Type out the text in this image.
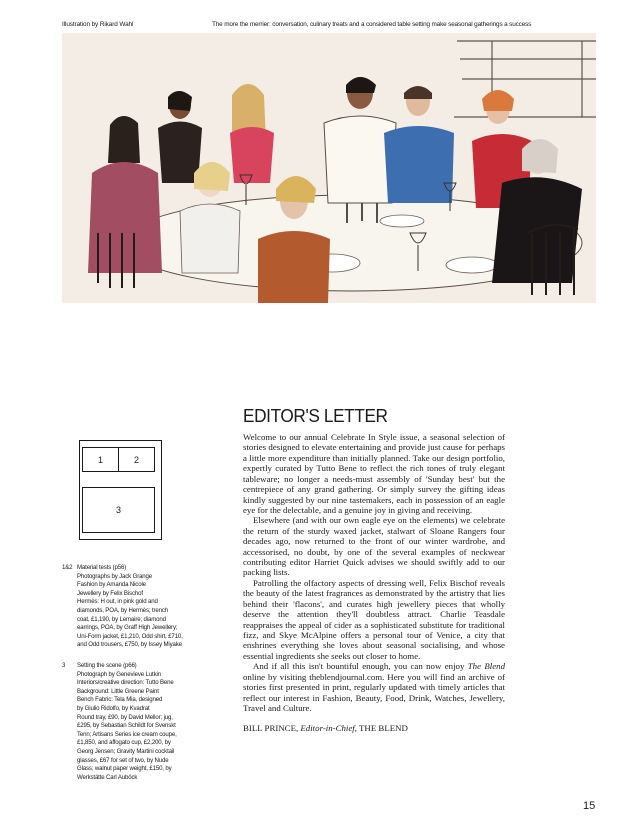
Illustration by Rikard Wahl	The more the merrier: conversation, culinary treats and a considered table setting make seasonal gatherings a success
EDITOR'S LETTER

Welcome to our annual Celebrate In Style issue, a seasonal selection of stories designed to elevate entertaining and provide just cause for perhaps a little more expenditure than initially planned. Take our design portfolio, expertly curated by Tutto Bene to reflect the rich tones of truly elegant tableware; no longer a needs-must assembly of 'Sunday best' but the centrepiece of any grand gathering. Or simply survey the gifting ideas kindly suggested by our nine tastemakers, each in possession of an eagle eye for the delectable, and a genuine joy in giving and receiving.

Elsewhere (and with our own eagle eye on the elements) we celebrate the return of the sturdy waxed jacket, stalwart of Sloane Rangers four decades ago, now returned to the front of our winter wardrobe, and accessorised, no doubt, by one of the several examples of neckwear contributing editor Harriet Quick advises we should swiftly add to our packing lists.

Patrolling the olfactory aspects of dressing well, Felix Bischof reveals the beauty of the latest fragrances as demonstrated by the artistry that lies behind their 'flacons', and curates high jewellery pieces that wholly deserve the attention they'll doubtless attract. Charlie Teasdale reappraises the appeal of cider as a sophisticated substitute for traditional fizz, and Skye McAlpine offers a personal tour of Venice, a city that enshrines everything she loves about seasonal socialising, and whose essential ingredients she seeks out closer to home.

And if all this isn't bountiful enough, you can now enjoy The Blend online by visiting theblendjournal.com. Here you will find an archive of stories first presented in print, regularly updated with timely articles that reflect our interest in Fashion, Beauty, Food, Drink, Watches, Jewellery, Travel and Culture.

BILL PRINCE, Editor-in-Chief, THE BLEND

1	2
3
1&2 Material tests (p56)
Photographs by Jack Grange
Fashion by Amanda Nicole
Jewellery by Felix Bischof
Hermès: H out, in pink gold and
diamonds, POA, by Hermès; trench
coat, £1,190, by Lemaire; diamond
earrings, POA, by Graff High Jewellery;
Uni-Form jacket, £1,210, Odd shirt, £710,
and Odd trousers, £750, by Issey Miyake
3 Setting the scene (p66)
Photograph by Genevieve Lutkin
Interiors/creative direction: Tutto Bene
Background: Little Greene Paint
Bench Fabric: Tela Mia, designed
by Giulio Ridolfo, by Kvadrat
Round tray, £90, by David Mellor; jug,
£295, by Sebastian Schildt for Svenskt
Tenn; Artisans Series ice cream coupe,
£1,850, and affogato cup, £2,200, by
Georg Jensen; Gravity Martini cocktail
glasses, £67 for set of two, by Nude
Glass; walnut paper weight, £150, by
Werkstätte Carl Auböck
15
